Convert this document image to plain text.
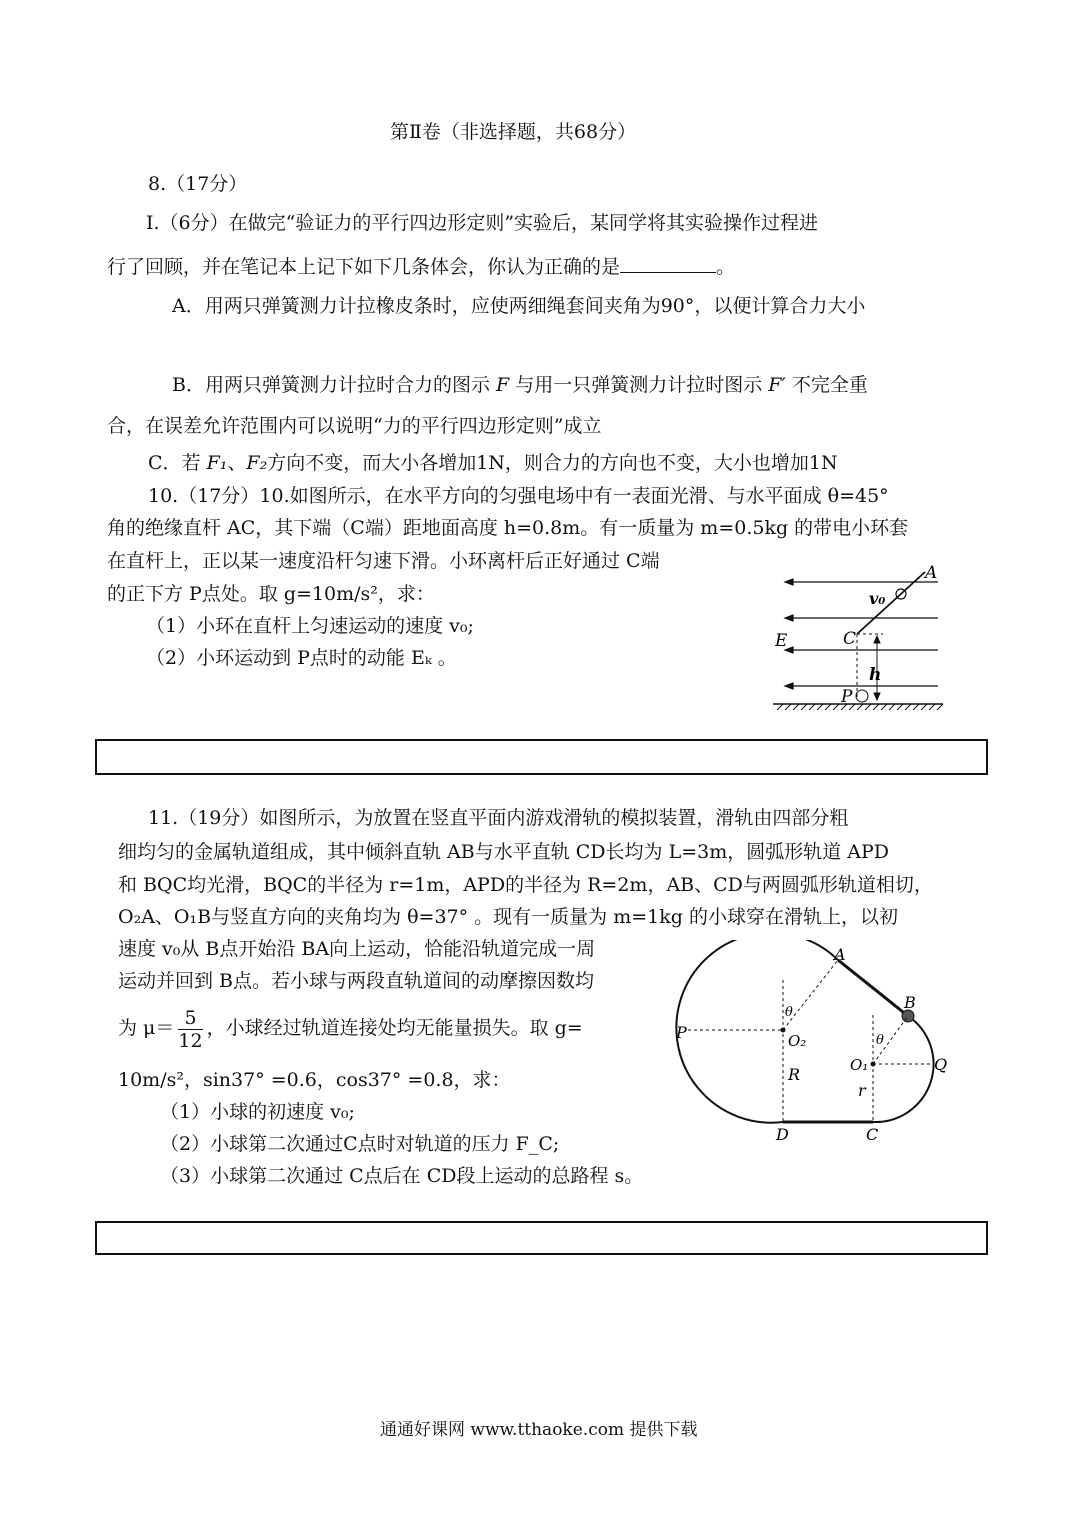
第Ⅱ卷（非选择题，共68分）
8.（17分）
Ⅰ.（6分）在做完“验证力的平行四边形定则”实验后，某同学将其实验操作过程进
行了回顾，并在笔记本上记下如下几条体会，你认为正确的是	。
A．用两只弹簧测力计拉橡皮条时，应使两细绳套间夹角为90°，以便计算合力大小
B．用两只弹簧测力计拉时合力的图示 F 与用一只弹簧测力计拉时图示 F′ 不完全重
合，在误差允许范围内可以说明“力的平行四边形定则”成立
C．若 F₁、F₂方向不变，而大小各增加1N，则合力的方向也不变，大小也增加1N
10.（17分）10.如图所示，在水平方向的匀强电场中有一表面光滑、与水平面成 θ=45°
角的绝缘直杆 AC，其下端（C端）距地面高度 h=0.8m。有一质量为 m=0.5kg 的带电小环套
在直杆上，正以某一速度沿杆匀速下滑。小环离杆后正好通过 C端
的正下方 P点处。取 g=10m/s²，求：
（1）小环在直杆上匀速运动的速度 v₀;
（2）小环运动到 P点时的动能 Eₖ 。
A
v₀
E	C
h
P
11.（19分）如图所示，为放置在竖直平面内游戏滑轨的模拟装置，滑轨由四部分粗
细均匀的金属轨道组成，其中倾斜直轨 AB与水平直轨 CD长均为 L=3m，圆弧形轨道 APD
和 BQC均光滑，BQC的半径为 r=1m，APD的半径为 R=2m，AB、CD与两圆弧形轨道相切，
O₂A、O₁B与竖直方向的夹角均为 θ=37° 。现有一质量为 m=1kg 的小球穿在滑轨上，以初
速度 v₀从 B点开始沿 BA向上运动，恰能沿轨道完成一周
运动并回到 B点。若小球与两段直轨道间的动摩擦因数均
为 $\mu= \frac{5}{12}$ ，小球经过轨道连接处均无能量损失。取 g=
10m/s²，sin37° =0.6，cos37° =0.8，求：
（1）小球的初速度 v₀;
（2）小球第二次通过C点时对轨道的压力 F_C;
（3）小球第二次通过 C点后在 CD段上运动的总路程 s。
A
B
P
Q
O₂
O₁
θ
θ
R
r
D	C
通通好课网 www.tthaoke.com 提供下载
